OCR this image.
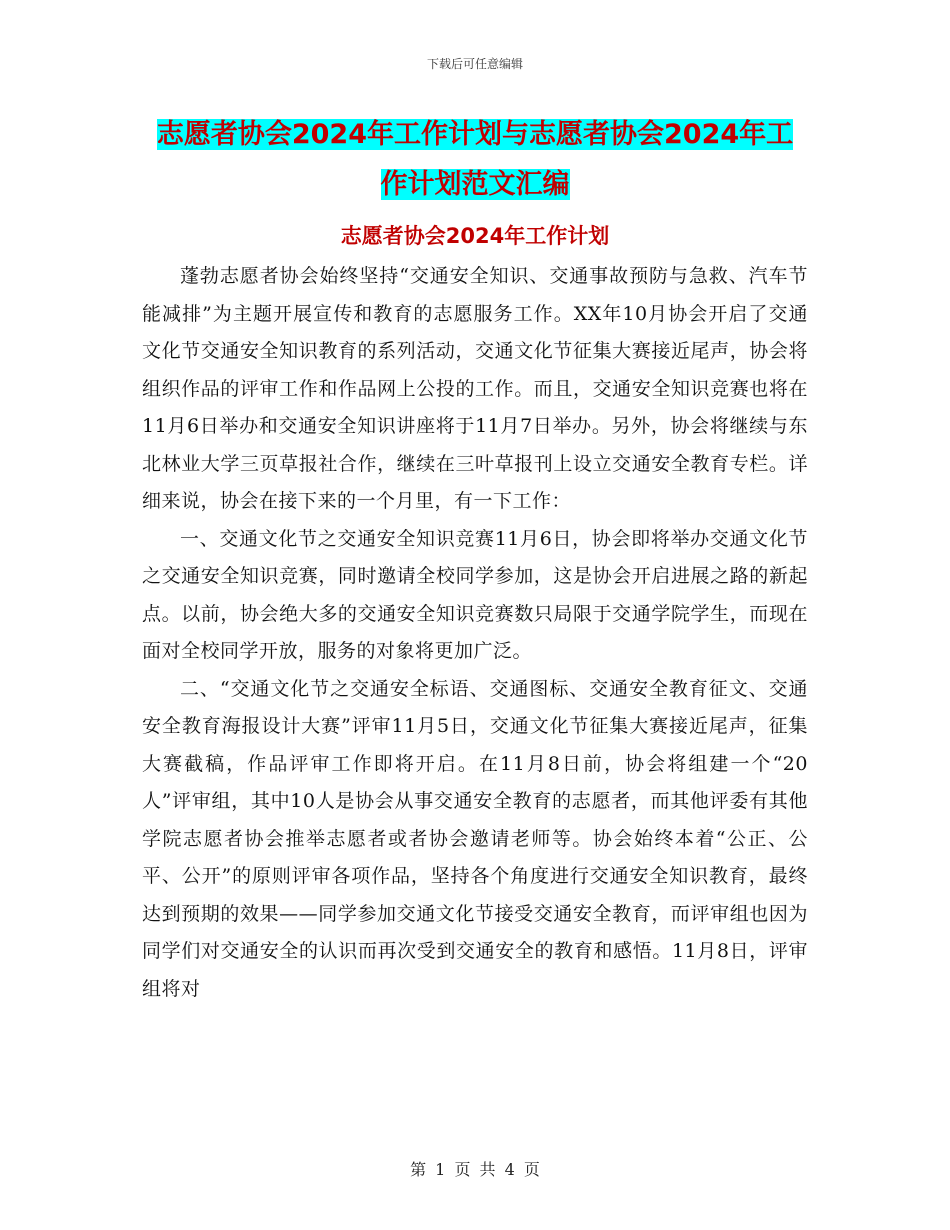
下载后可任意编辑
志愿者协会2024年工作计划与志愿者协会2024年工
作计划范文汇编
志愿者协会2024年工作计划

蓬勃志愿者协会始终坚持“交通安全知识、交通事故预防与急救、汽车节能减排”为主题开展宣传和教育的志愿服务工作。XX年10月协会开启了交通文化节交通安全知识教育的系列活动，交通文化节征集大赛接近尾声，协会将组织作品的评审工作和作品网上公投的工作。而且，交通安全知识竞赛也将在11月6日举办和交通安全知识讲座将于11月7日举办。另外，协会将继续与东北林业大学三页草报社合作，继续在三叶草报刊上设立交通安全教育专栏。详细来说，协会在接下来的一个月里，有一下工作：

一、交通文化节之交通安全知识竞赛11月6日，协会即将举办交通文化节之交通安全知识竞赛，同时邀请全校同学参加，这是协会开启进展之路的新起点。以前，协会绝大多的交通安全知识竞赛数只局限于交通学院学生，而现在面对全校同学开放，服务的对象将更加广泛。

二、“交通文化节之交通安全标语、交通图标、交通安全教育征文、交通安全教育海报设计大赛”评审11月5日，交通文化节征集大赛接近尾声，征集大赛截稿，作品评审工作即将开启。在11月8日前，协会将组建一个“20人”评审组，其中10人是协会从事交通安全教育的志愿者，而其他评委有其他学院志愿者协会推举志愿者或者协会邀请老师等。协会始终本着“公正、公平、公开”的原则评审各项作品，坚持各个角度进行交通安全知识教育，最终达到预期的效果——同学参加交通文化节接受交通安全教育，而评审组也因为同学们对交通安全的认识而再次受到交通安全的教育和感悟。11月8日，评审组将对

第 1 页 共 4 页
